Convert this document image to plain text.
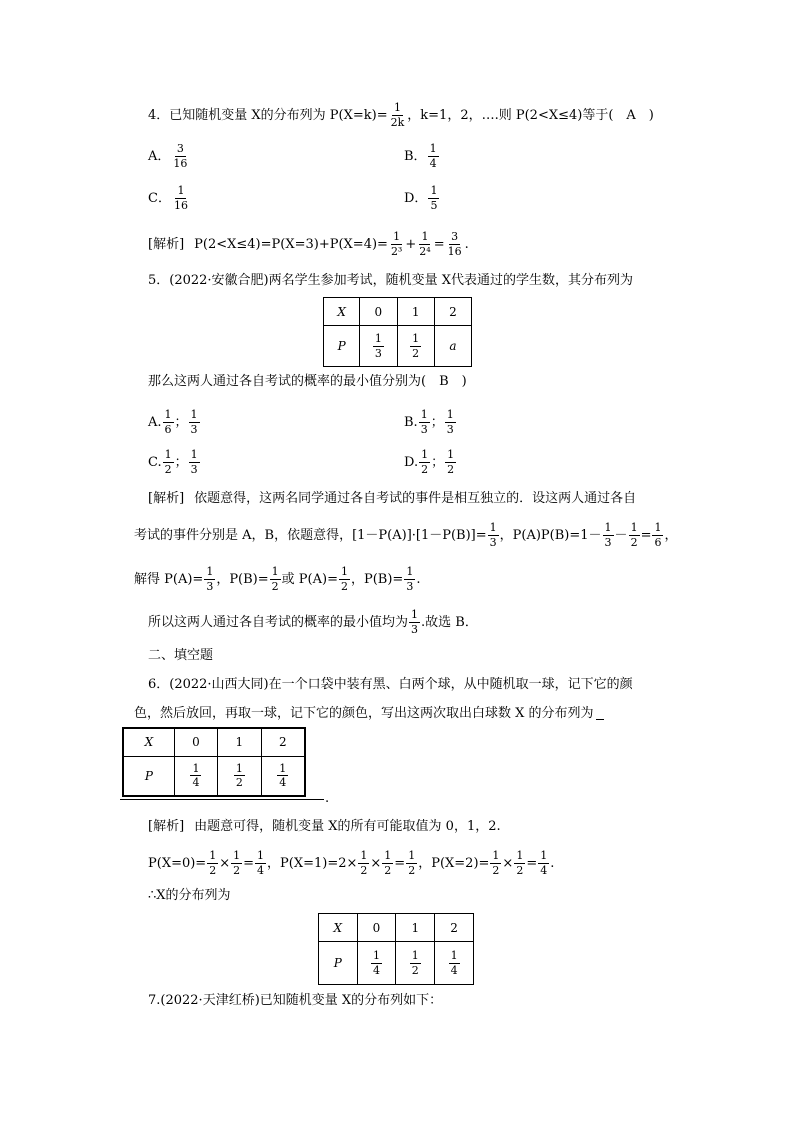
4．已知随机变量 X的分布列为 $P(X=k)= \frac{1}{2k}$ ，k=1，2，….则 P(2<X≤4)等于(　A　)
A． $\frac{3}{16}$	B． $\frac{1}{4}$
C． $\frac{1}{16}$	D． $\frac{1}{5}$
[解析] $P(2<X\le 4)=P(X=3)+P(X=4)= \frac{1}{\text{2³}} + \frac{1}{\text{2⁴}} = \frac{3}{16}$ .
5．(2022·安徽合肥)两名学生参加考试，随机变量 X代表通过的学生数，其分布列为
X	0	1	2
P	$\frac{1}{3}$	$\frac{1}{2}$	a
那么这两人通过各自考试的概率的最小值分别为(　B　)
A. $\frac{1}{6}$ ； $\frac{1}{3}$	B. $\frac{1}{3}$ ； $\frac{1}{3}$
C. $\frac{1}{2}$ ； $\frac{1}{3}$	D. $\frac{1}{2}$ ； $\frac{1}{2}$
[解析] 依题意得，这两名同学通过各自考试的事件是相互独立的．设这两人通过各自
考试的事件分别是 A，B，依题意得，$[1-P(A)]\cdot[1-P(B)]= \frac{1}{3}$ ，$P(A)P(B)=1- \frac{1}{3} - \frac{1}{2} = \frac{1}{6}$ ，
解得 $P(A)= \frac{1}{3}$ ，$P(B)= \frac{1}{2}$ 或 $P(A)= \frac{1}{2}$ ，$P(B)= \frac{1}{3}$ .
所以这两人通过各自考试的概率的最小值均为 $\frac{1}{3}$ .故选 B．
二、填空题
6．(2022·山西大同)在一个口袋中装有黑、白两个球，从中随机取一球，记下它的颜
色，然后放回，再取一球，记下它的颜色，写出这两次取出白球数 X 的分布列为
X	0	1	2
P	$\frac{1}{4}$	$\frac{1}{2}$	$\frac{1}{4}$
.
[解析] 由题意可得，随机变量 X的所有可能取值为 0，1，2.
$P(X=0)= \frac{1}{2} \times \frac{1}{2} = \frac{1}{4}$ ，$P(X=1)=2\times \frac{1}{2} \times \frac{1}{2} = \frac{1}{2}$ ，$P(X=2)= \frac{1}{2} \times \frac{1}{2} = \frac{1}{4}$ .
∴X的分布列为
X	0	1	2
P	$\frac{1}{4}$	$\frac{1}{2}$	$\frac{1}{4}$
7.(2022·天津红桥)已知随机变量 X的分布列如下：
